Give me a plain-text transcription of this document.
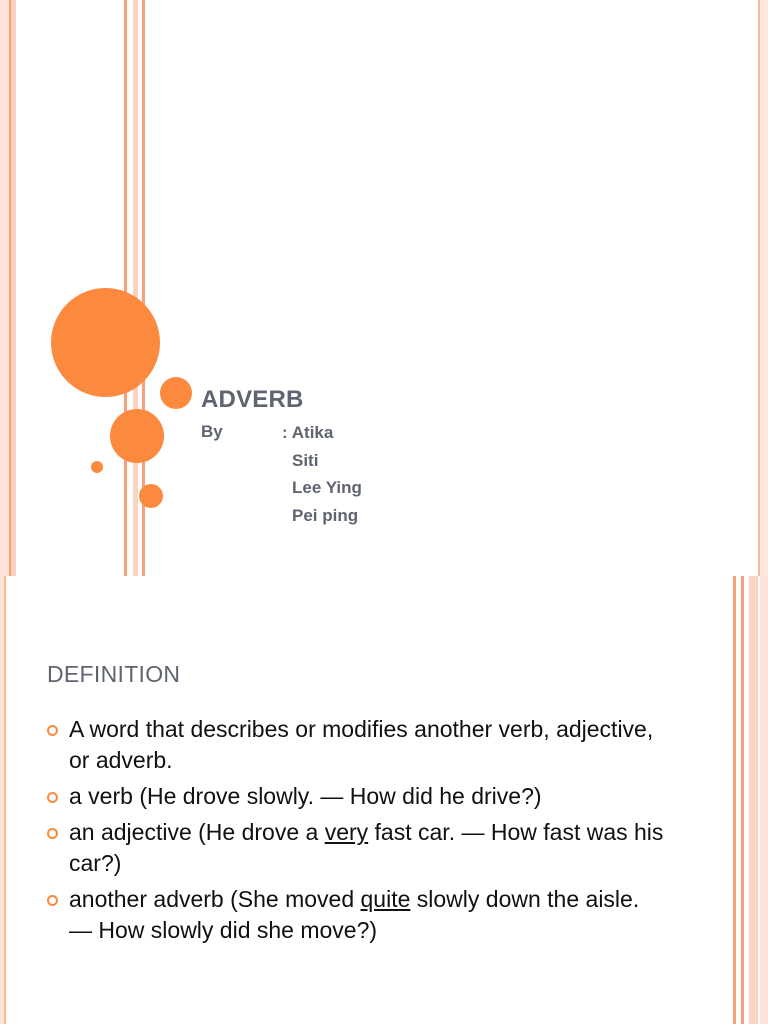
ADVERB
By	: Atika
Siti
Lee Ying
Pei ping
DEFINITION
A word that describes or modifies another verb, adjective, or adverb.
a verb (He drove slowly. — How did he drive?)
an adjective (He drove a very fast car. — How fast was his car?)
another adverb (She moved quite slowly down the aisle. — How slowly did she move?)
